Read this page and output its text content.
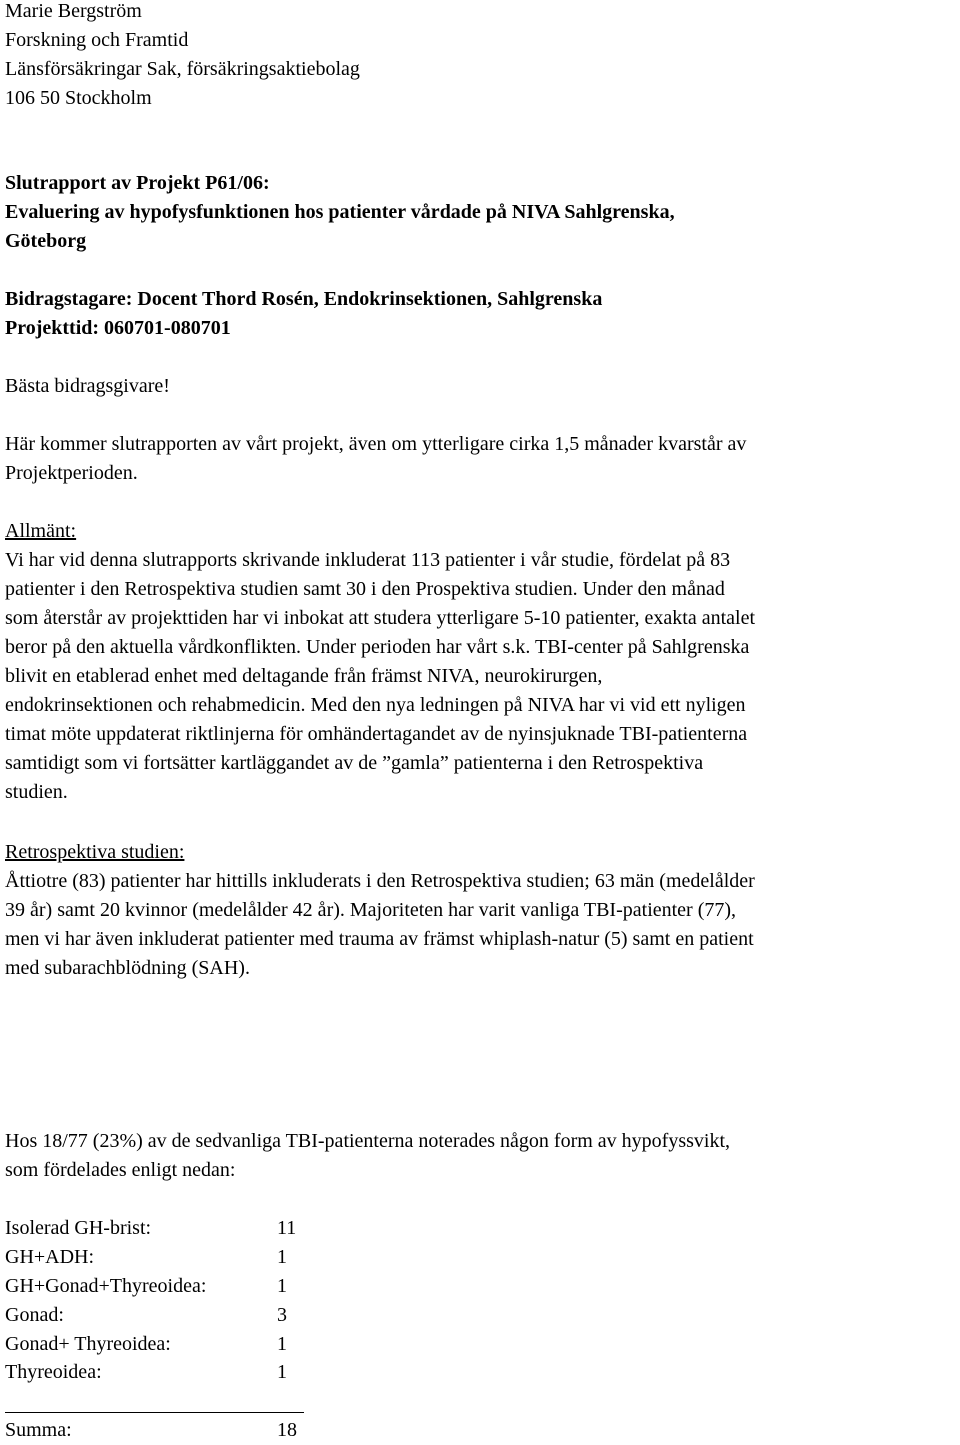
Marie Bergström
Forskning och Framtid
Länsförsäkringar Sak, försäkringsaktiebolag
106 50 Stockholm
Slutrapport av Projekt P61/06:
Evaluering av hypofysfunktionen hos patienter vårdade på NIVA Sahlgrenska,
Göteborg
Bidragstagare: Docent Thord Rosén, Endokrinsektionen, Sahlgrenska
Projekttid: 060701-080701
Bästa bidragsgivare!
Här kommer slutrapporten av vårt projekt, även om ytterligare cirka 1,5 månader kvarstår av
Projektperioden.
Allmänt:
Vi har vid denna slutrapports skrivande inkluderat 113 patienter i vår studie, fördelat på 83
patienter i den Retrospektiva studien samt 30 i den Prospektiva studien. Under den månad
som återstår av projekttiden har vi inbokat att studera ytterligare 5-10 patienter, exakta antalet
beror på den aktuella vårdkonflikten. Under perioden har vårt s.k. TBI-center på Sahlgrenska
blivit en etablerad enhet med deltagande från främst NIVA, neurokirurgen,
endokrinsektionen och rehabmedicin. Med den nya ledningen på NIVA har vi vid ett nyligen
timat möte uppdaterat riktlinjerna för omhändertagandet av de nyinsjuknade TBI-patienterna
samtidigt som vi fortsätter kartläggandet av de ”gamla” patienterna i den Retrospektiva
studien.
Retrospektiva studien:
Åttiotre (83) patienter har hittills inkluderats i den Retrospektiva studien; 63 män (medelålder
39 år) samt 20 kvinnor (medelålder 42 år). Majoriteten har varit vanliga TBI-patienter (77),
men vi har även inkluderat patienter med trauma av främst whiplash-natur (5) samt en patient
med subarachblödning (SAH).
Hos 18/77 (23%) av de sedvanliga TBI-patienterna noterades någon form av hypofyssvikt,
som fördelades enligt nedan:
Isolerad GH-brist:	11
GH+ADH:	1
GH+Gonad+Thyreoidea:	1
Gonad:	3
Gonad+ Thyreoidea:	1
Thyreoidea:	1
Summa:	18
